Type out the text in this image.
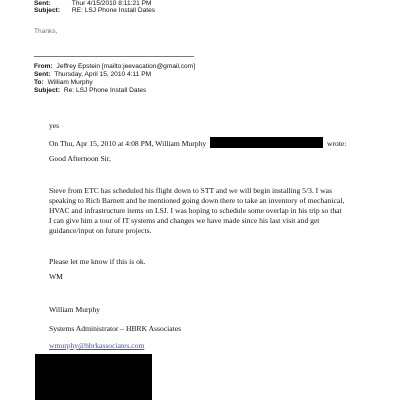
Sent:	Thur 4/15/2010 8:11:21 PM
Subject: RE: LSJ Phone Install Dates
Thanks,
From: Jeffrey Epstein [mailto:jeevacation@gmail.com]
Sent: Thursday, April 15, 2010 4:11 PM
To: William Murphy
Subject: Re: LSJ Phone Install Dates
yes
On Thu, Apr 15, 2010 at 4:08 PM, William Murphy	wrote:
Good Afternoon Sir,
Steve from ETC has scheduled his flight down to STT and we will begin installing 5/3. I was
speaking to Rich Barnett and he mentioned going down there to take an inventory of mechanical,
HVAC and infrastructure items on LSJ. I was hoping to schedule some overlap in his trip so that
I can give him a tour of IT systems and changes we have made since his last visit and get
guidance/input on future projects.
Please let me know if this is ok.
WM
William Murphy
Systems Administrator – HBRK Associates
wmurphy@hbrkassociates.com
